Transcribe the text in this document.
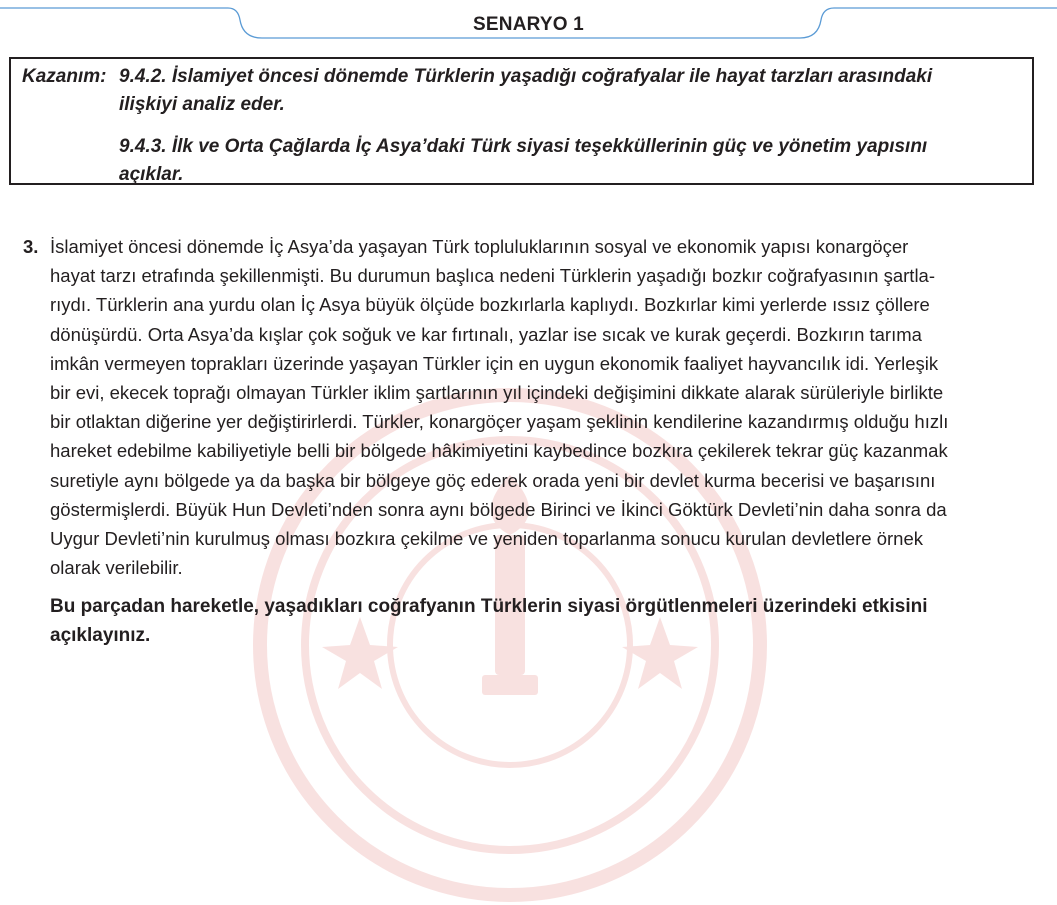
SENARYO 1
Kazanım: 9.4.2. İslamiyet öncesi dönemde Türklerin yaşadığı coğrafyalar ile hayat tarzları arasındaki
ilişkiyi analiz eder.
9.4.3. İlk ve Orta Çağlarda İç Asya’daki Türk siyasi teşekküllerinin güç ve yönetim yapısını
açıklar.
3. İslamiyet öncesi dönemde İç Asya’da yaşayan Türk topluluklarının sosyal ve ekonomik yapısı konargöçer
hayat tarzı etrafında şekillenmişti. Bu durumun başlıca nedeni Türklerin yaşadığı bozkır coğrafyasının şartla-
rıydı. Türklerin ana yurdu olan İç Asya büyük ölçüde bozkırlarla kaplıydı. Bozkırlar kimi yerlerde ıssız çöllere
dönüşürdü. Orta Asya’da kışlar çok soğuk ve kar fırtınalı, yazlar ise sıcak ve kurak geçerdi. Bozkırın tarıma
imkân vermeyen toprakları üzerinde yaşayan Türkler için en uygun ekonomik faaliyet hayvancılık idi. Yerleşik
bir evi, ekecek toprağı olmayan Türkler iklim şartlarının yıl içindeki değişimini dikkate alarak sürüleriyle birlikte
bir otlaktan diğerine yer değiştirirlerdi. Türkler, konargöçer yaşam şeklinin kendilerine kazandırmış olduğu hızlı
hareket edebilme kabiliyetiyle belli bir bölgede hâkimiyetini kaybedince bozkıra çekilerek tekrar güç kazanmak
suretiyle aynı bölgede ya da başka bir bölgeye göç ederek orada yeni bir devlet kurma becerisi ve başarısını
göstermişlerdi. Büyük Hun Devleti’nden sonra aynı bölgede Birinci ve İkinci Göktürk Devleti’nin daha sonra da
Uygur Devleti’nin kurulmuş olması bozkıra çekilme ve yeniden toparlanma sonucu kurulan devletlere örnek
olarak verilebilir.
Bu parçadan hareketle, yaşadıkları coğrafyanın Türklerin siyasi örgütlenmeleri üzerindeki etkisini
açıklayınız.
